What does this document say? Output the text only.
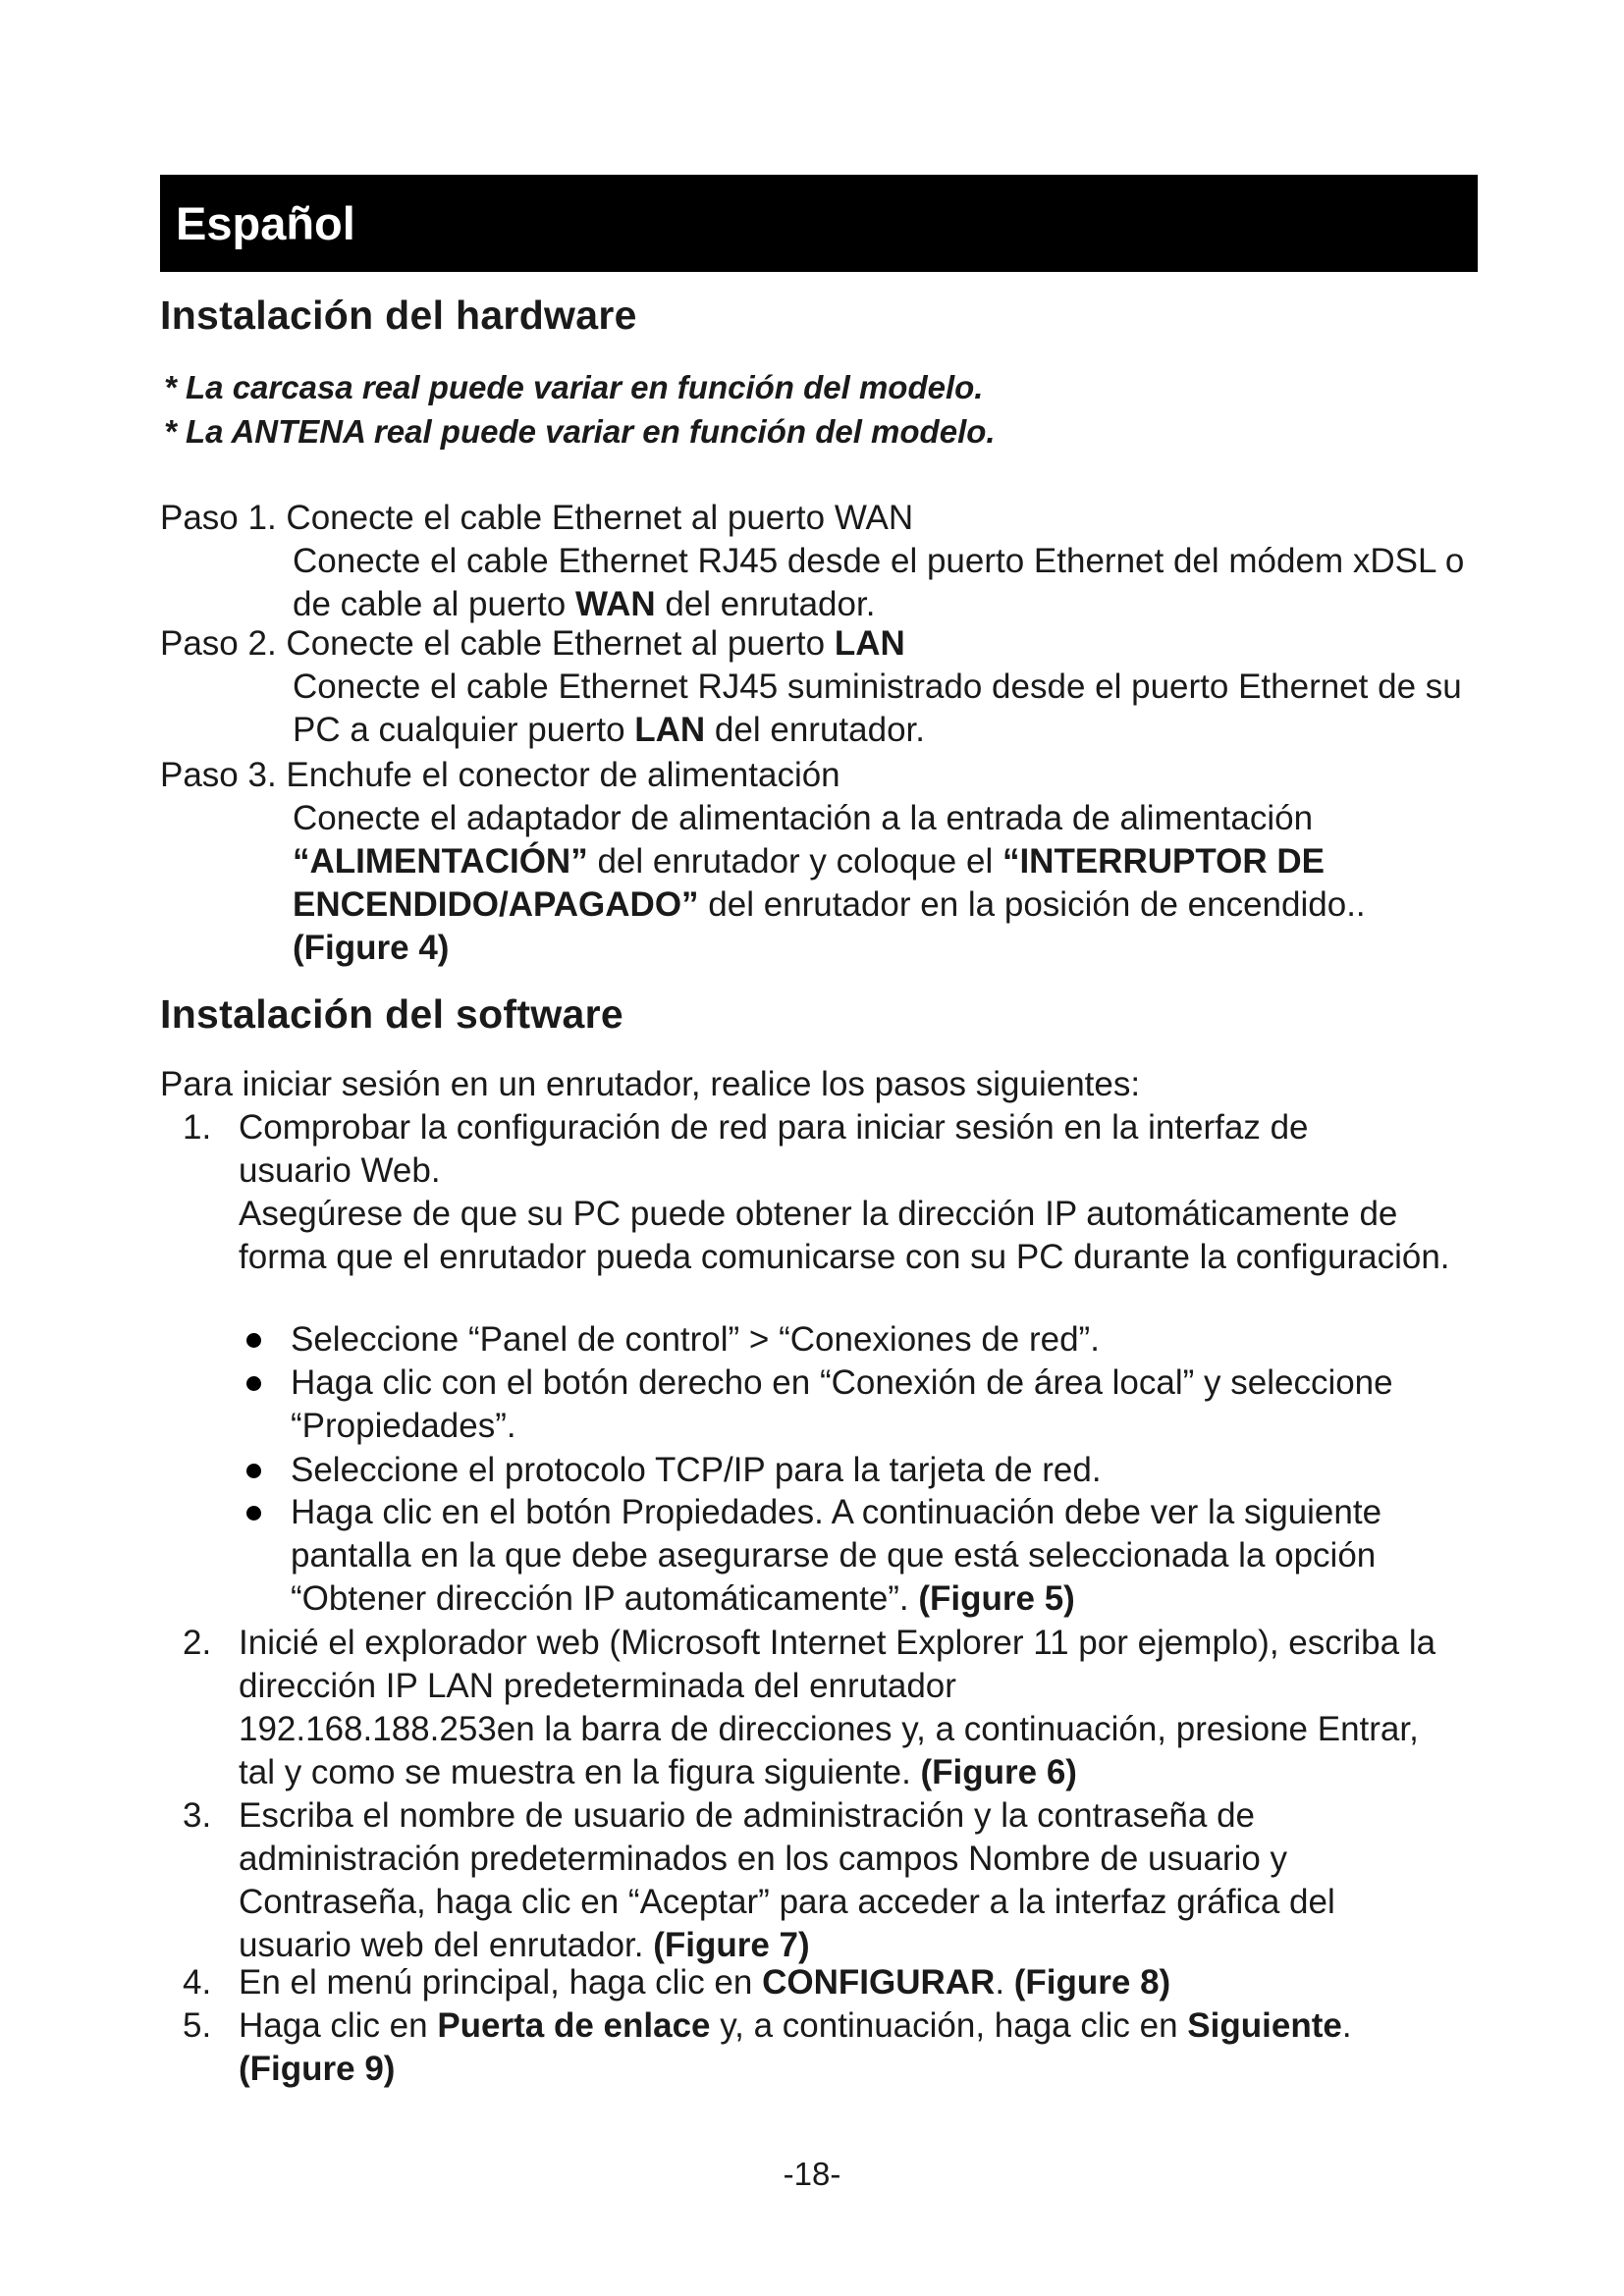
Español
Instalación del hardware

* La carcasa real puede variar en función del modelo.

* La ANTENA real puede variar en función del modelo.

Paso 1. Conecte el cable Ethernet al puerto WAN

Conecte el cable Ethernet RJ45 desde el puerto Ethernet del módem xDSL o de cable al puerto WAN del enrutador.

Paso 2. Conecte el cable Ethernet al puerto LAN

Conecte el cable Ethernet RJ45 suministrado desde el puerto Ethernet de su PC a cualquier puerto LAN del enrutador.

Paso 3. Enchufe el conector de alimentación

Conecte el adaptador de alimentación a la entrada de alimentación “ALIMENTACIÓN” del enrutador y coloque el “INTERRUPTOR DE ENCENDIDO/APAGADO” del enrutador en la posición de encendido..
(Figure 4)

Instalación del software

Para iniciar sesión en un enrutador, realice los pasos siguientes:

1. Comprobar la configuración de red para iniciar sesión en la interfaz de usuario Web.

Asegúrese de que su PC puede obtener la dirección IP automáticamente de forma que el enrutador pueda comunicarse con su PC durante la configuración.

Seleccione “Panel de control” > “Conexiones de red”.

Haga clic con el botón derecho en “Conexión de área local” y seleccione “Propiedades”.

Seleccione el protocolo TCP/IP para la tarjeta de red.

Haga clic en el botón Propiedades. A continuación debe ver la siguiente pantalla en la que debe asegurarse de que está seleccionada la opción “Obtener dirección IP automáticamente”. (Figure 5)

2. Inicié el explorador web (Microsoft Internet Explorer 11 por ejemplo), escriba la dirección IP LAN predeterminada del enrutador

192.168.188.253en la barra de direcciones y, a continuación, presione Entrar, tal y como se muestra en la figura siguiente. (Figure 6)

3. Escriba el nombre de usuario de administración y la contraseña de administración predeterminados en los campos Nombre de usuario y Contraseña, haga clic en “Aceptar” para acceder a la interfaz gráfica del usuario web del enrutador. (Figure 7)

4. En el menú principal, haga clic en CONFIGURAR. (Figure 8)

5. Haga clic en Puerta de enlace y, a continuación, haga clic en Siguiente.
(Figure 9)

-18-
